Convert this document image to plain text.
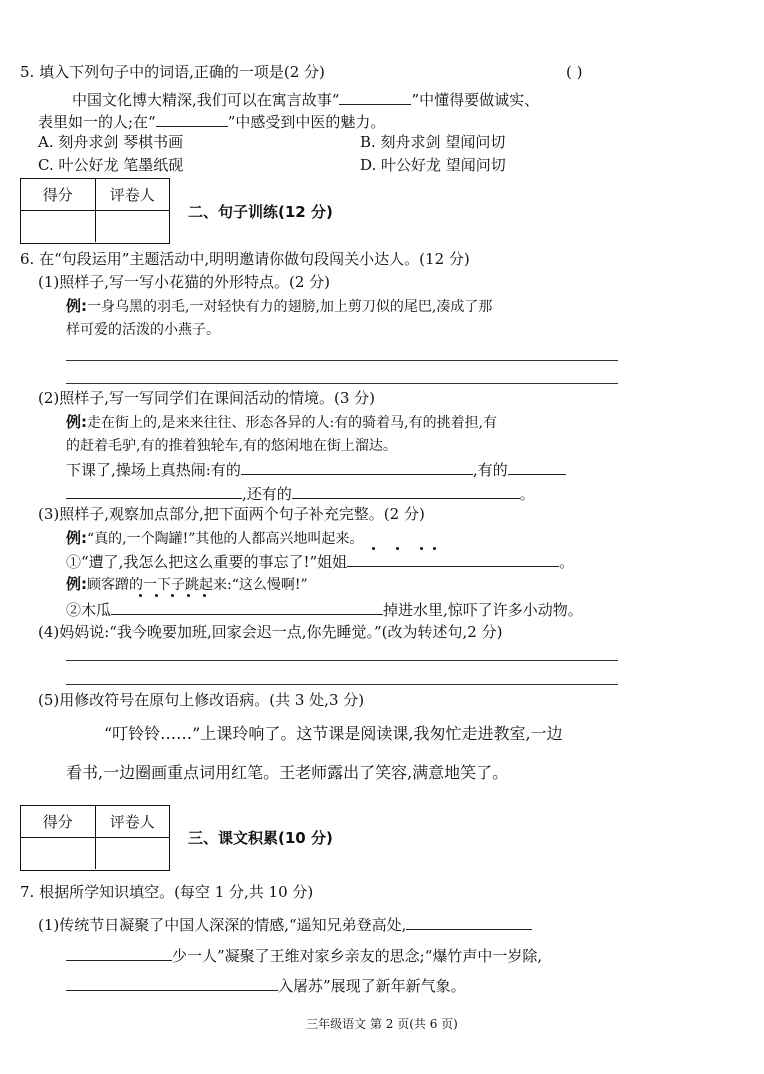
5. 填入下列句子中的词语,正确的一项是(2 分)	( )
中国文化博大精深,我们可以在寓言故事“	”中懂得要做诚实、
表里如一的人;在“	”中感受到中医的魅力。
A. 刻舟求剑 琴棋书画	B. 刻舟求剑 望闻问切
C. 叶公好龙 笔墨纸砚	D. 叶公好龙 望闻问切
得分	评卷人
二、句子训练(12 分)
6. 在“句段运用”主题活动中,明明邀请你做句段闯关小达人。(12 分)
(1)照样子,写一写小花猫的外形特点。(2 分)
例:一身乌黑的羽毛,一对轻快有力的翅膀,加上剪刀似的尾巴,凑成了那
样可爱的活泼的小燕子。
(2)照样子,写一写同学们在课间活动的情境。(3 分)
例:走在街上的,是来来往往、形态各异的人:有的骑着马,有的挑着担,有
的赶着毛驴,有的推着独轮车,有的悠闲地在街上溜达。
下课了,操场上真热闹:有的	,有的
,还有的	。
(3)照样子,观察加点部分,把下面两个句子补充完整。(2 分)
例:“真的,一个陶罐!”其他的人都高兴地叫起来。
①“遭了,我怎么把这么重要的事忘了!”姐姐	。
例:顾客蹭的一下子跳起来:“这么慢啊!”
②木瓜	掉进水里,惊吓了许多小动物。
(4)妈妈说:“我今晚要加班,回家会迟一点,你先睡觉。”(改为转述句,2 分)
(5)用修改符号在原句上修改语病。(共 3 处,3 分)
“叮铃铃……”上课玲响了。这节课是阅读课,我匆忙走进教室,一边
看书,一边圈画重点词用红笔。王老师露出了笑容,满意地笑了。
得分	评卷人
三、课文积累(10 分)
7. 根据所学知识填空。(每空 1 分,共 10 分)
(1)传统节日凝聚了中国人深深的情感,“遥知兄弟登高处,
少一人”凝聚了王维对家乡亲友的思念;“爆竹声中一岁除,
入屠苏”展现了新年新气象。
三年级语文 第 2 页(共 6 页)
